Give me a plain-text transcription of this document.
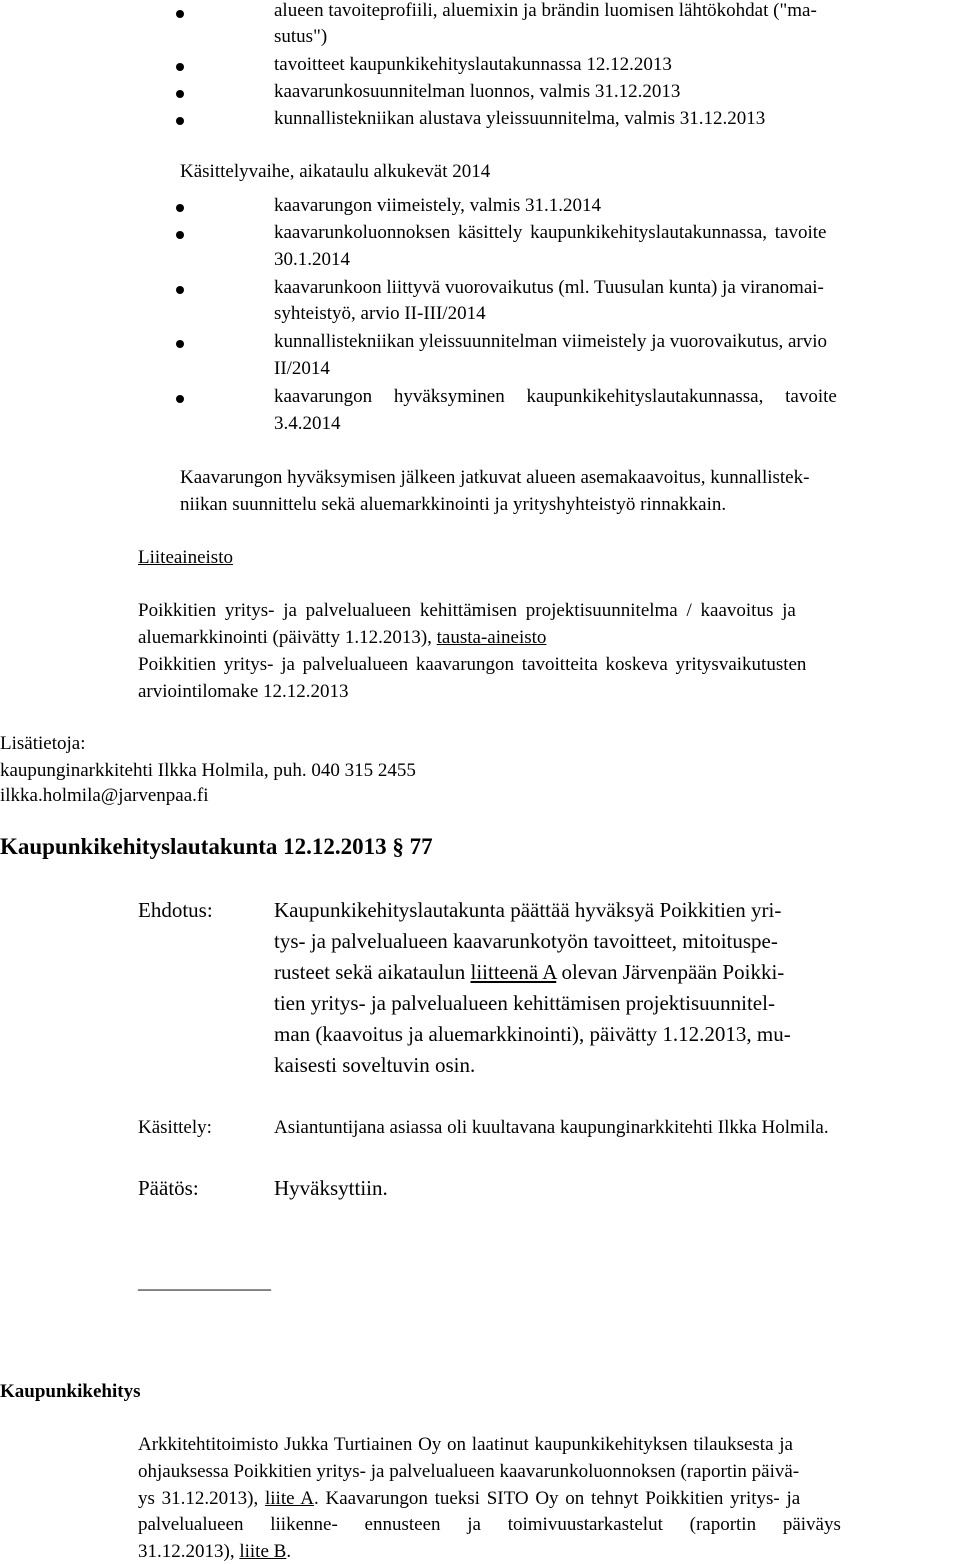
alueen tavoiteprofiili, aluemixin ja brändin luomisen lähtökohdat ("ma-
sutus")
tavoitteet kaupunkikehityslautakunnassa 12.12.2013
kaavarunkosuunnitelman luonnos, valmis 31.12.2013
kunnallistekniikan alustava yleissuunnitelma, valmis 31.12.2013
Käsittelyvaihe, aikataulu alkukevät 2014
kaavarungon viimeistely, valmis 31.1.2014
kaavarunkoluonnoksen käsittely kaupunkikehityslautakunnassa, tavoite
30.1.2014
kaavarunkoon liittyvä vuorovaikutus (ml. Tuusulan kunta) ja viranomai-
syhteistyö, arvio II-III/2014
kunnallistekniikan yleissuunnitelman viimeistely ja vuorovaikutus, arvio
II/2014
kaavarungon hyväksyminen kaupunkikehityslautakunnassa, tavoite
3.4.2014
Kaavarungon hyväksymisen jälkeen jatkuvat alueen asemakaavoitus, kunnallistek-
niikan suunnittelu sekä aluemarkkinointi ja yrityshyhteistyö rinnakkain.
Liiteaineisto
Poikkitien yritys- ja palvelualueen kehittämisen projektisuunnitelma / kaavoitus ja
aluemarkkinointi (päivätty 1.12.2013), tausta-aineisto
Poikkitien yritys- ja palvelualueen kaavarungon tavoitteita koskeva yritysvaikutusten
arviointilomake 12.12.2013
Lisätietoja:
kaupunginarkkitehti Ilkka Holmila, puh. 040 315 2455
ilkka.holmila@jarvenpaa.fi
Kaupunkikehityslautakunta 12.12.2013 § 77
Ehdotus:	Kaupunkikehityslautakunta päättää hyväksyä Poikkitien yri-
tys- ja palvelualueen kaavarunkotyön tavoitteet, mitoituspe-
rusteet sekä aikataulun liitteenä A olevan Järvenpään Poikki-
tien yritys- ja palvelualueen kehittämisen projektisuunnitel-
man (kaavoitus ja aluemarkkinointi), päivätty 1.12.2013, mu-
kaisesti soveltuvin osin.
Käsittely:	Asiantuntijana asiassa oli kuultavana kaupunginarkkitehti Ilkka Holmila.
Päätös:	Hyväksyttiin.
______________
Kaupunkikehitys
Arkkitehtitoimisto Jukka Turtiainen Oy on laatinut kaupunkikehityksen tilauksesta ja
ohjauksessa Poikkitien yritys- ja palvelualueen kaavarunkoluonnoksen (raportin päivä-
ys 31.12.2013), liite A. Kaavarungon tueksi SITO Oy on tehnyt Poikkitien yritys- ja
palvelualueen liikenne- ennusteen ja toimivuustarkastelut (raportin päiväys
31.12.2013), liite B.
